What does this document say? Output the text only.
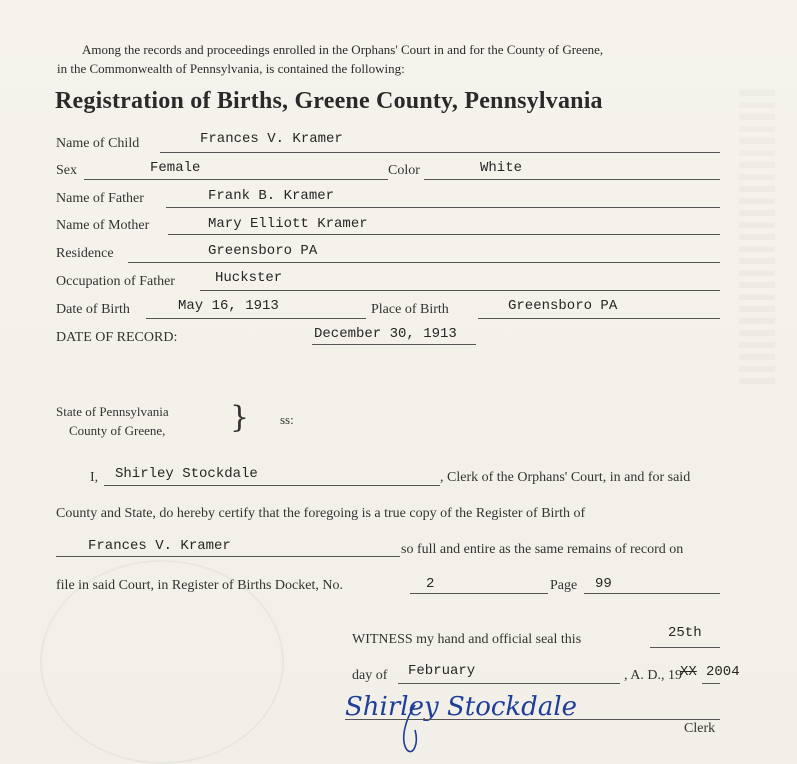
Among the records and proceedings enrolled in the Orphans' Court in and for the County of Greene,
in the Commonwealth of Pennsylvania, is contained the following:
Registration of Births, Greene County, Pennsylvania
Name of Child	Frances V. Kramer
Sex	Female	Color	White
Name of Father	Frank B. Kramer
Name of Mother	Mary Elliott Kramer
Residence	Greensboro PA
Occupation of Father	Huckster
Date of Birth	May 16, 1913	Place of Birth	Greensboro PA
DATE OF RECORD:	December 30, 1913
State of Pennsylvania
County of Greene, } ss:
I, Shirley Stockdale	, Clerk of the Orphans' Court, in and for said
County and State, do hereby certify that the foregoing is a true copy of the Register of Birth of
Frances V. Kramer	so full and entire as the same remains of record on
file in said Court, in Register of Births Docket, No.	2	Page 99
WITNESS my hand and official seal this	25th
day of February	, A. D., 19
XX 2004
Shirley Stockdale
Clerk
